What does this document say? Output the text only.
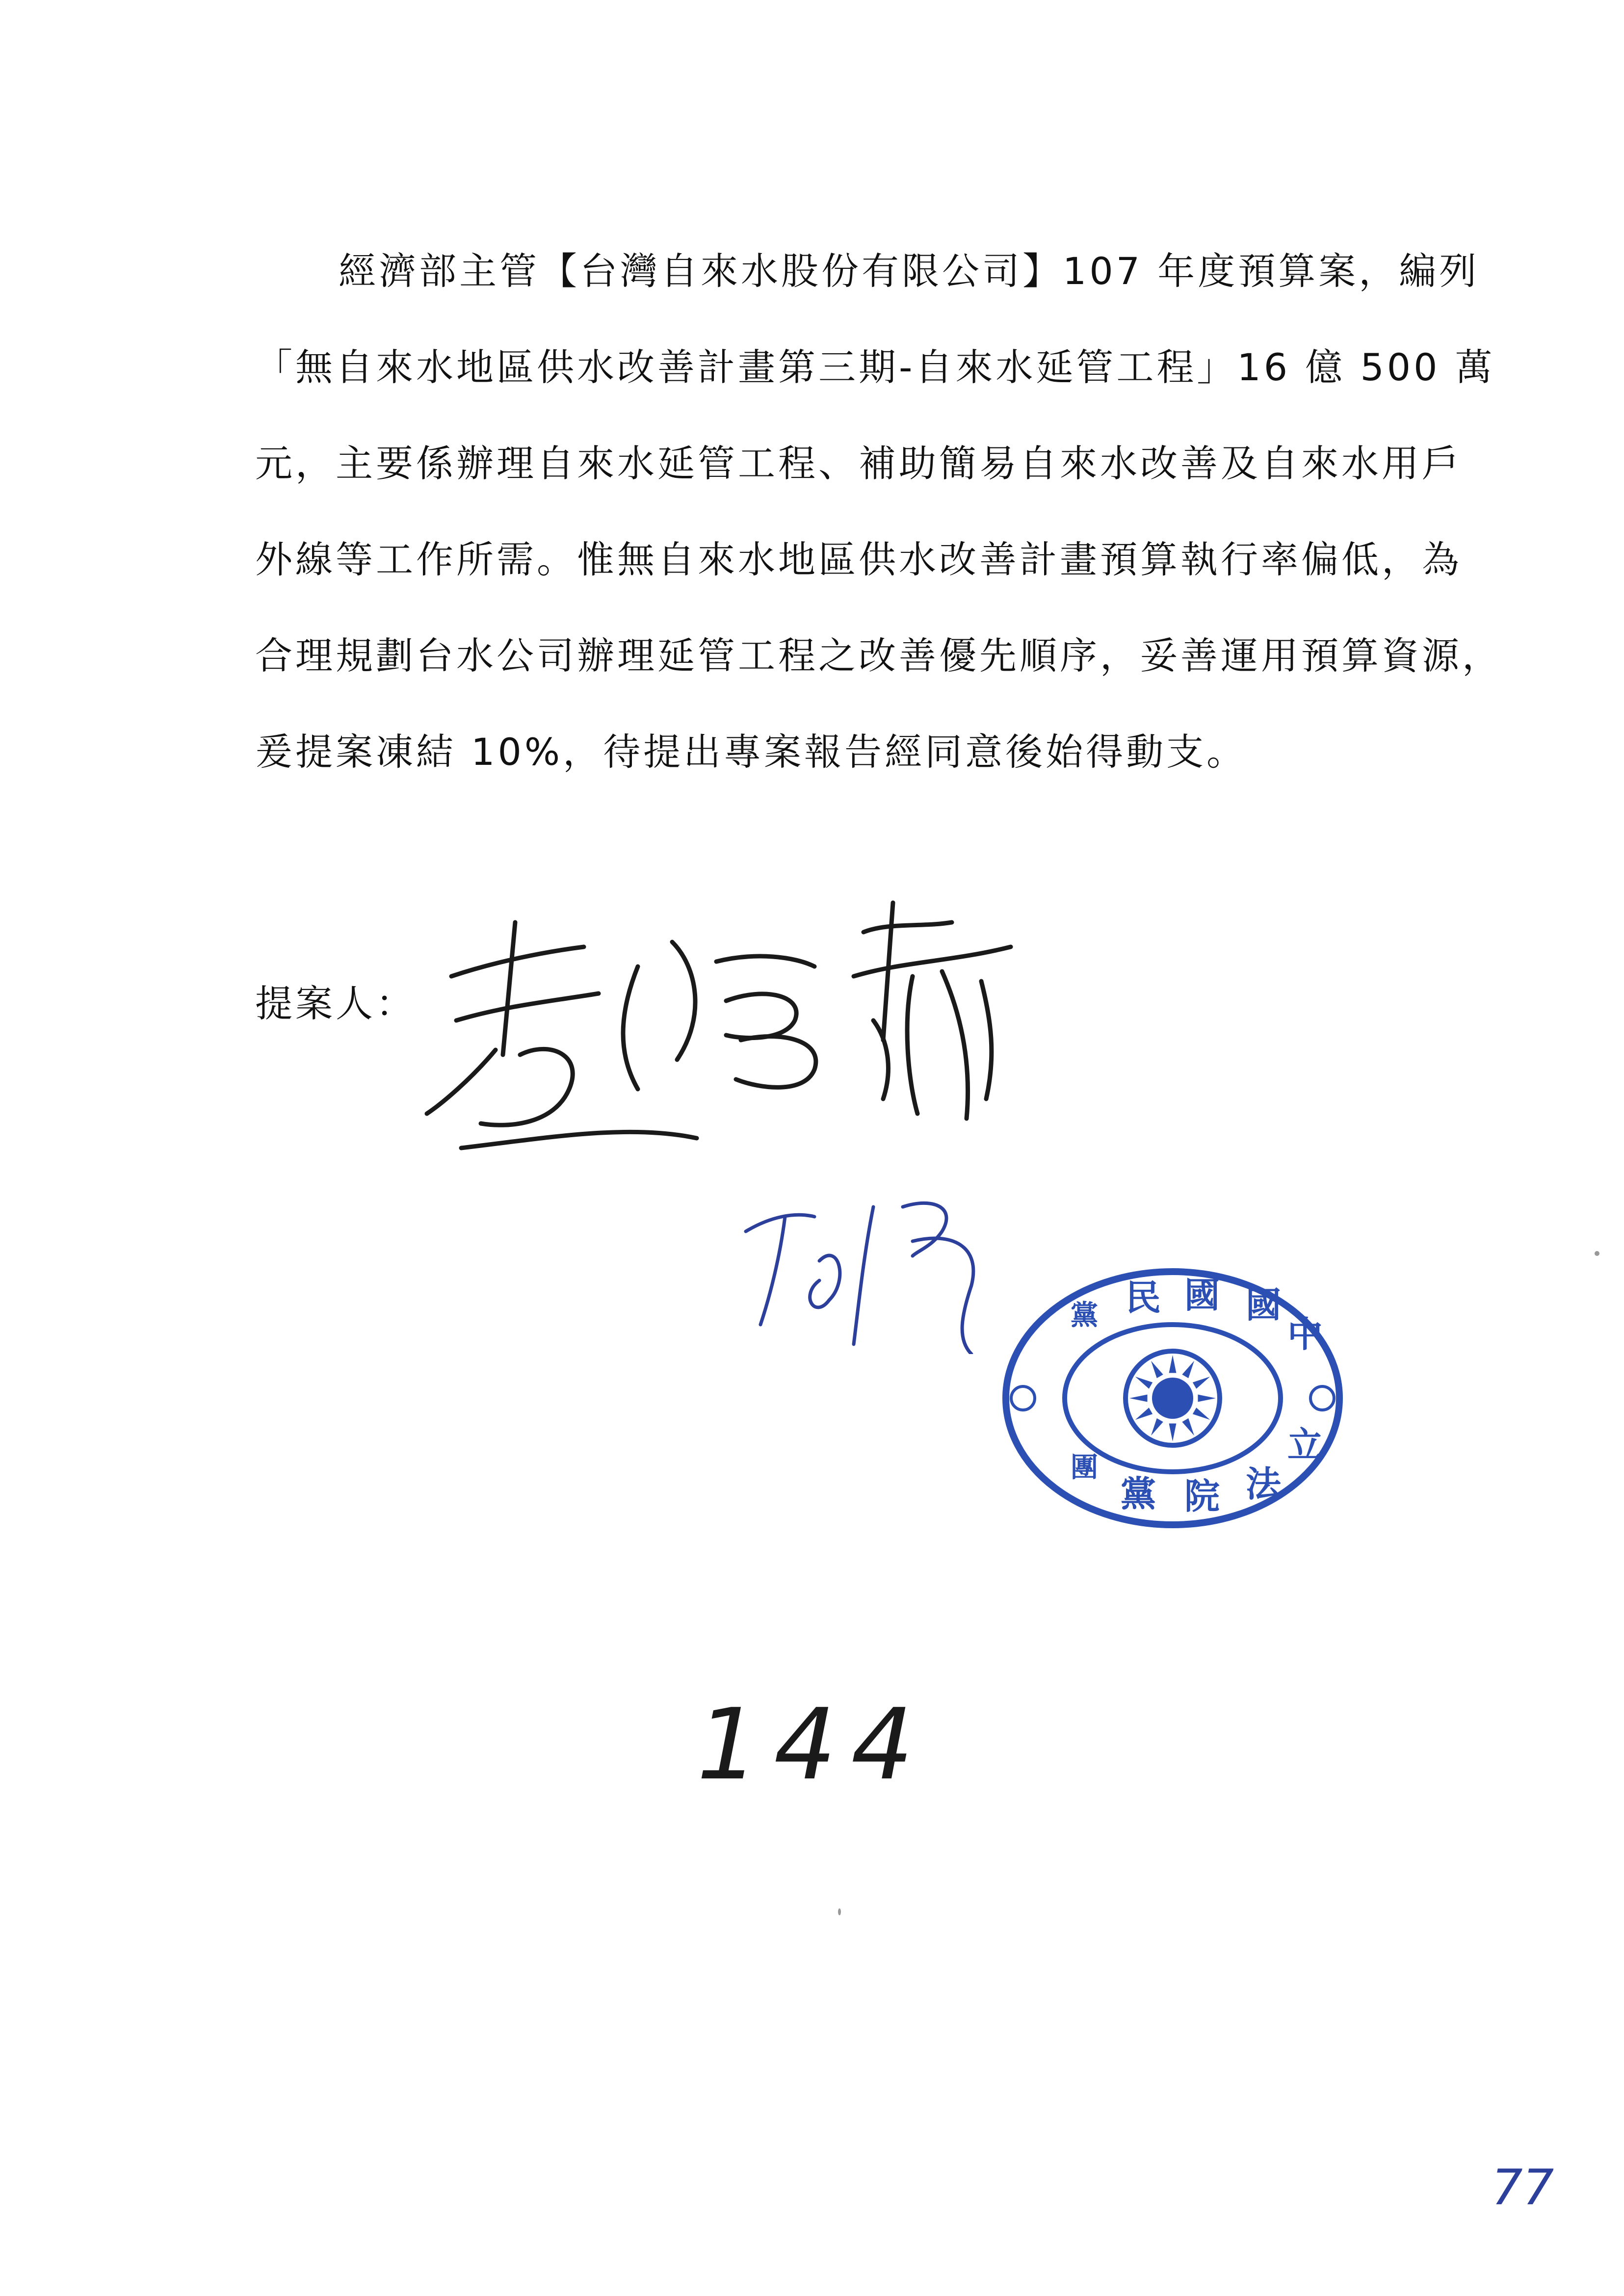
經濟部主管【台灣自來水股份有限公司】107 年度預算案，編列
「無自來水地區供水改善計畫第三期-自來水延管工程」16 億 500 萬
元，主要係辦理自來水延管工程、補助簡易自來水改善及自來水用戶
外線等工作所需。惟無自來水地區供水改善計畫預算執行率偏低，為
合理規劃台水公司辦理延管工程之改善優先順序，妥善運用預算資源，
爰提案凍結 10%，待提出專案報告經同意後始得動支。
提案人：
民 國 國
中
黨
立
法
院
黨
團
144
77
